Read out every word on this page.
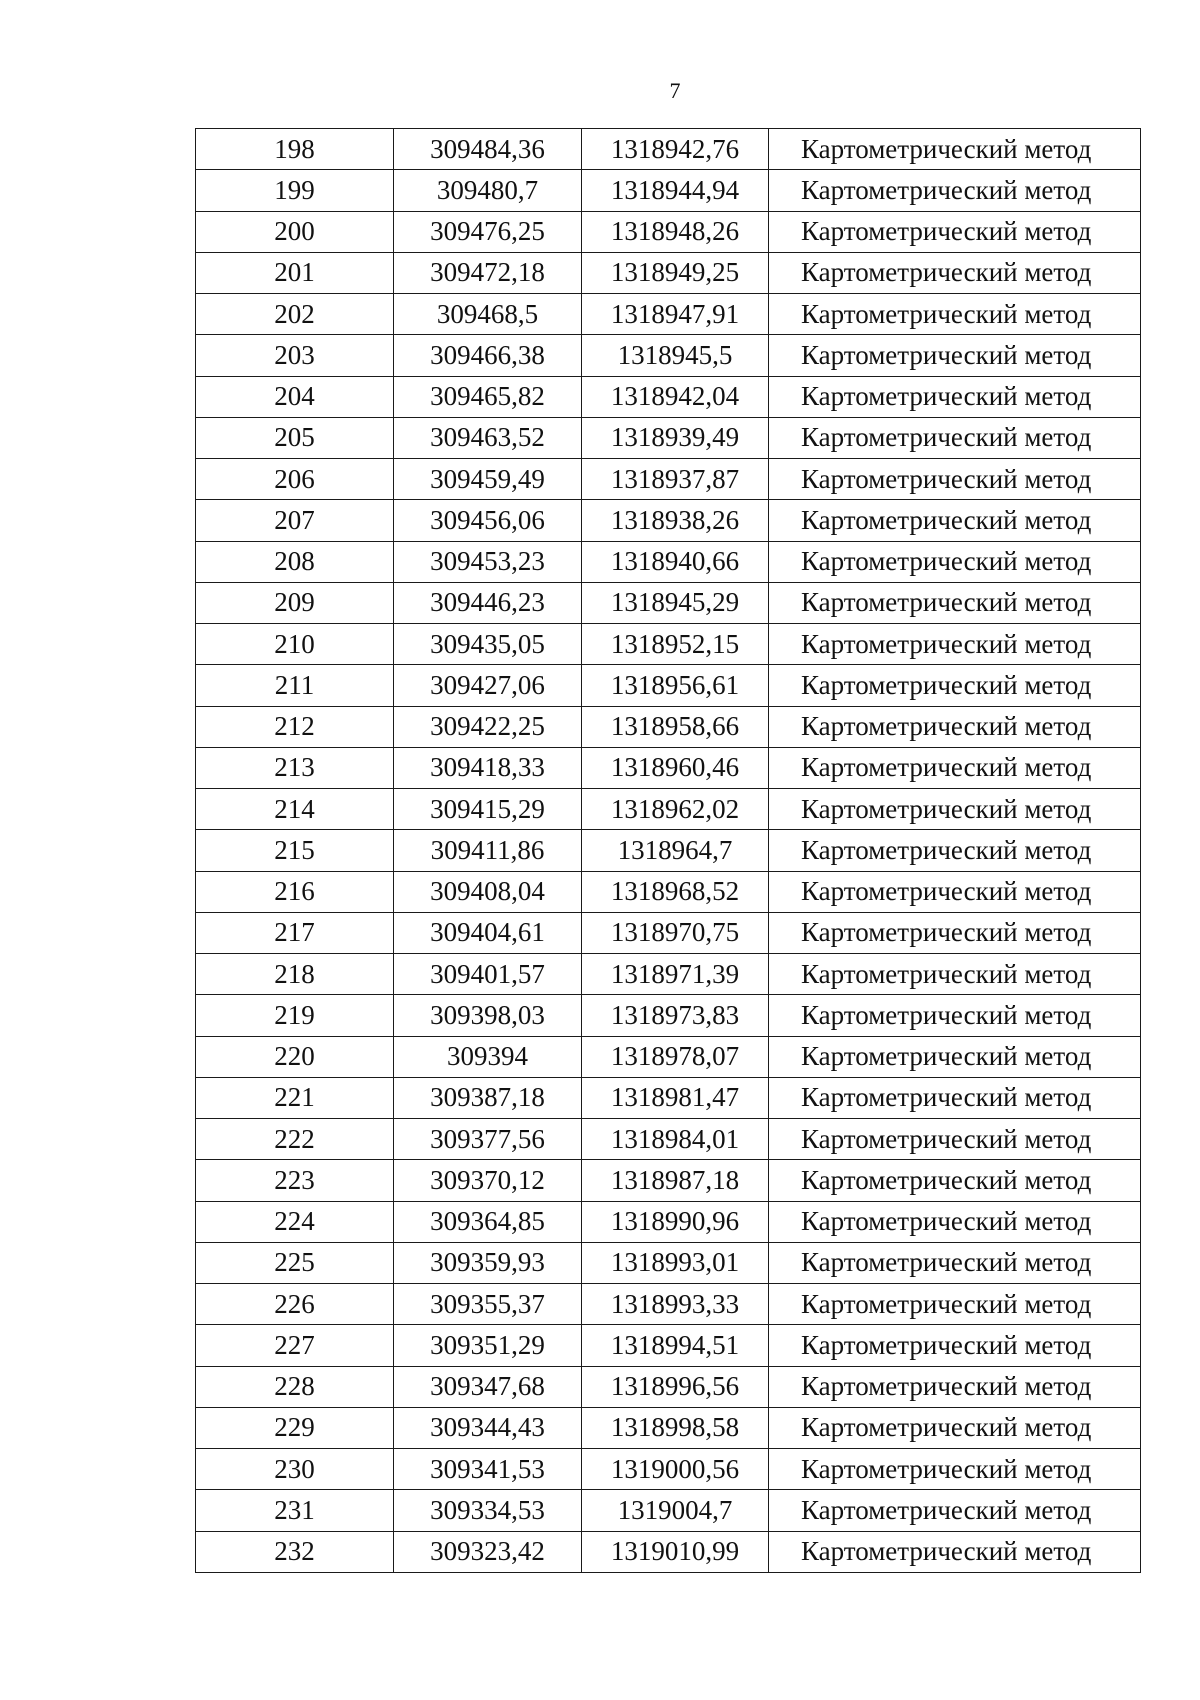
7
198	309484,36	1318942,76	Картометрический метод
199	309480,7	1318944,94	Картометрический метод
200	309476,25	1318948,26	Картометрический метод
201	309472,18	1318949,25	Картометрический метод
202	309468,5	1318947,91	Картометрический метод
203	309466,38	1318945,5	Картометрический метод
204	309465,82	1318942,04	Картометрический метод
205	309463,52	1318939,49	Картометрический метод
206	309459,49	1318937,87	Картометрический метод
207	309456,06	1318938,26	Картометрический метод
208	309453,23	1318940,66	Картометрический метод
209	309446,23	1318945,29	Картометрический метод
210	309435,05	1318952,15	Картометрический метод
211	309427,06	1318956,61	Картометрический метод
212	309422,25	1318958,66	Картометрический метод
213	309418,33	1318960,46	Картометрический метод
214	309415,29	1318962,02	Картометрический метод
215	309411,86	1318964,7	Картометрический метод
216	309408,04	1318968,52	Картометрический метод
217	309404,61	1318970,75	Картометрический метод
218	309401,57	1318971,39	Картометрический метод
219	309398,03	1318973,83	Картометрический метод
220	309394	1318978,07	Картометрический метод
221	309387,18	1318981,47	Картометрический метод
222	309377,56	1318984,01	Картометрический метод
223	309370,12	1318987,18	Картометрический метод
224	309364,85	1318990,96	Картометрический метод
225	309359,93	1318993,01	Картометрический метод
226	309355,37	1318993,33	Картометрический метод
227	309351,29	1318994,51	Картометрический метод
228	309347,68	1318996,56	Картометрический метод
229	309344,43	1318998,58	Картометрический метод
230	309341,53	1319000,56	Картометрический метод
231	309334,53	1319004,7	Картометрический метод
232	309323,42	1319010,99	Картометрический метод
